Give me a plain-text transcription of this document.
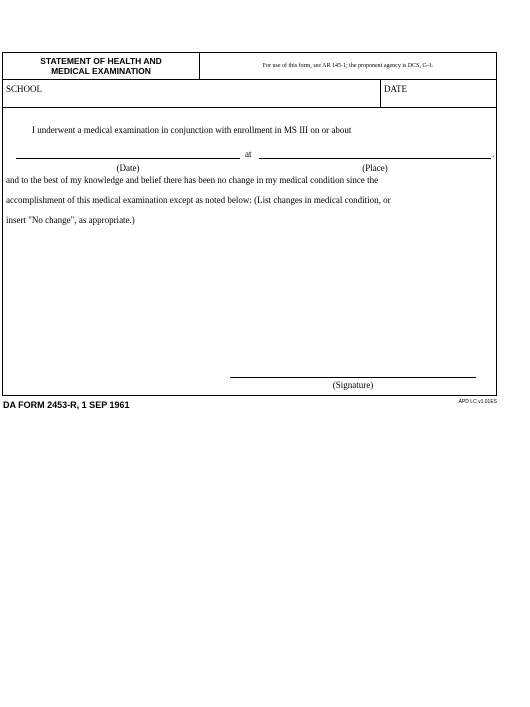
STATEMENT OF HEALTH AND
MEDICAL EXAMINATION	For use of this form, see AR 145-1; the proponent agency is DCS, G-1.
SCHOOL	DATE
I underwent a medical examination in conjunction with enrollment in MS III on or about
at	.
(Date)	(Place)
and to the best of my knowledge and belief there has been no change in my medical condition since the
accomplishment of this medical examination except as noted below: (List changes in medical condition, or
insert "No change", as appropriate.)
(Signature)
DA FORM 2453-R, 1 SEP 1961	APD LC v1.01ES
